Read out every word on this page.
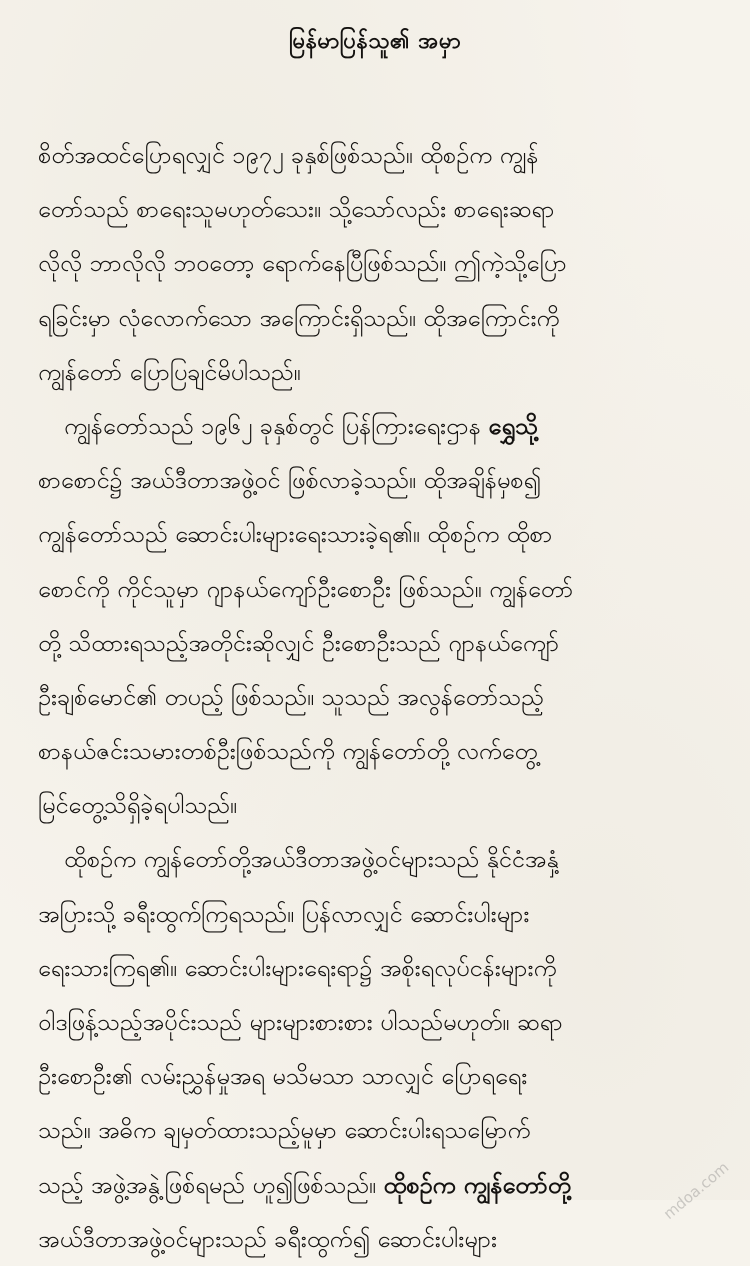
မြန်မာပြန်သူ၏ အမှာ
စိတ်အထင်ပြောရလျှင် ၁၉၇၂ ခုနှစ်ဖြစ်သည်။ ထိုစဉ်က ကျွန်
တော်သည် စာရေးသူမဟုတ်သေး။ သို့သော်လည်း စာရေးဆရာ
လိုလို ဘာလိုလို ဘဝတော့ ရောက်နေပြီဖြစ်သည်။ ဤကဲ့သို့ပြော
ရခြင်းမှာ လုံလောက်သော အကြောင်းရှိသည်။ ထိုအကြောင်းကို
ကျွန်တော် ပြောပြချင်မိပါသည်။
ကျွန်တော်သည် ၁၉၆၂ ခုနှစ်တွင် ပြန်ကြားရေးဌာန ရွှေသို့
စာစောင်၌ အယ်ဒီတာအဖွဲ့ဝင် ဖြစ်လာခဲ့သည်။ ထိုအချိန်မှစ၍
ကျွန်တော်သည် ဆောင်းပါးများရေးသားခဲ့ရ၏။ ထိုစဉ်က ထိုစာ
စောင်ကို ကိုင်သူမှာ ဂျာနယ်ကျော်ဦးစောဦး ဖြစ်သည်။ ကျွန်တော်
တို့ သိထားရသည့်အတိုင်းဆိုလျှင် ဦးစောဦးသည် ဂျာနယ်ကျော်
ဦးချစ်မောင်၏ တပည့် ဖြစ်သည်။ သူသည် အလွန်တော်သည့်
စာနယ်ဇင်းသမားတစ်ဦးဖြစ်သည်ကို ကျွန်တော်တို့ လက်တွေ့
မြင်တွေ့သိရှိခဲ့ရပါသည်။
ထိုစဉ်က ကျွန်တော်တို့အယ်ဒီတာအဖွဲ့ဝင်များသည် နိုင်ငံအနှံ့
အပြားသို့ ခရီးထွက်ကြရသည်။ ပြန်လာလျှင် ဆောင်းပါးများ
ရေးသားကြရ၏။ ဆောင်းပါးများရေးရာ၌ အစိုးရလုပ်ငန်းများကို
ဝါဒဖြန့်သည့်အပိုင်းသည် များများစားစား ပါသည်မဟုတ်။ ဆရာ
ဦးစောဦး၏ လမ်းညွှန်မှုအရ မသိမသာ သာလျှင် ပြောရရေး
သည်။ အဓိက ချမှတ်ထားသည့်မူမှာ ဆောင်းပါးရသမြောက်
သည့် အဖွဲ့အနွဲ့ဖြစ်ရမည် ဟူ၍ဖြစ်သည်။ ထိုစဉ်က ကျွန်တော်တို့
အယ်ဒီတာအဖွဲ့ဝင်များသည် ခရီးထွက်၍ ဆောင်းပါးများ
mdoa.com
